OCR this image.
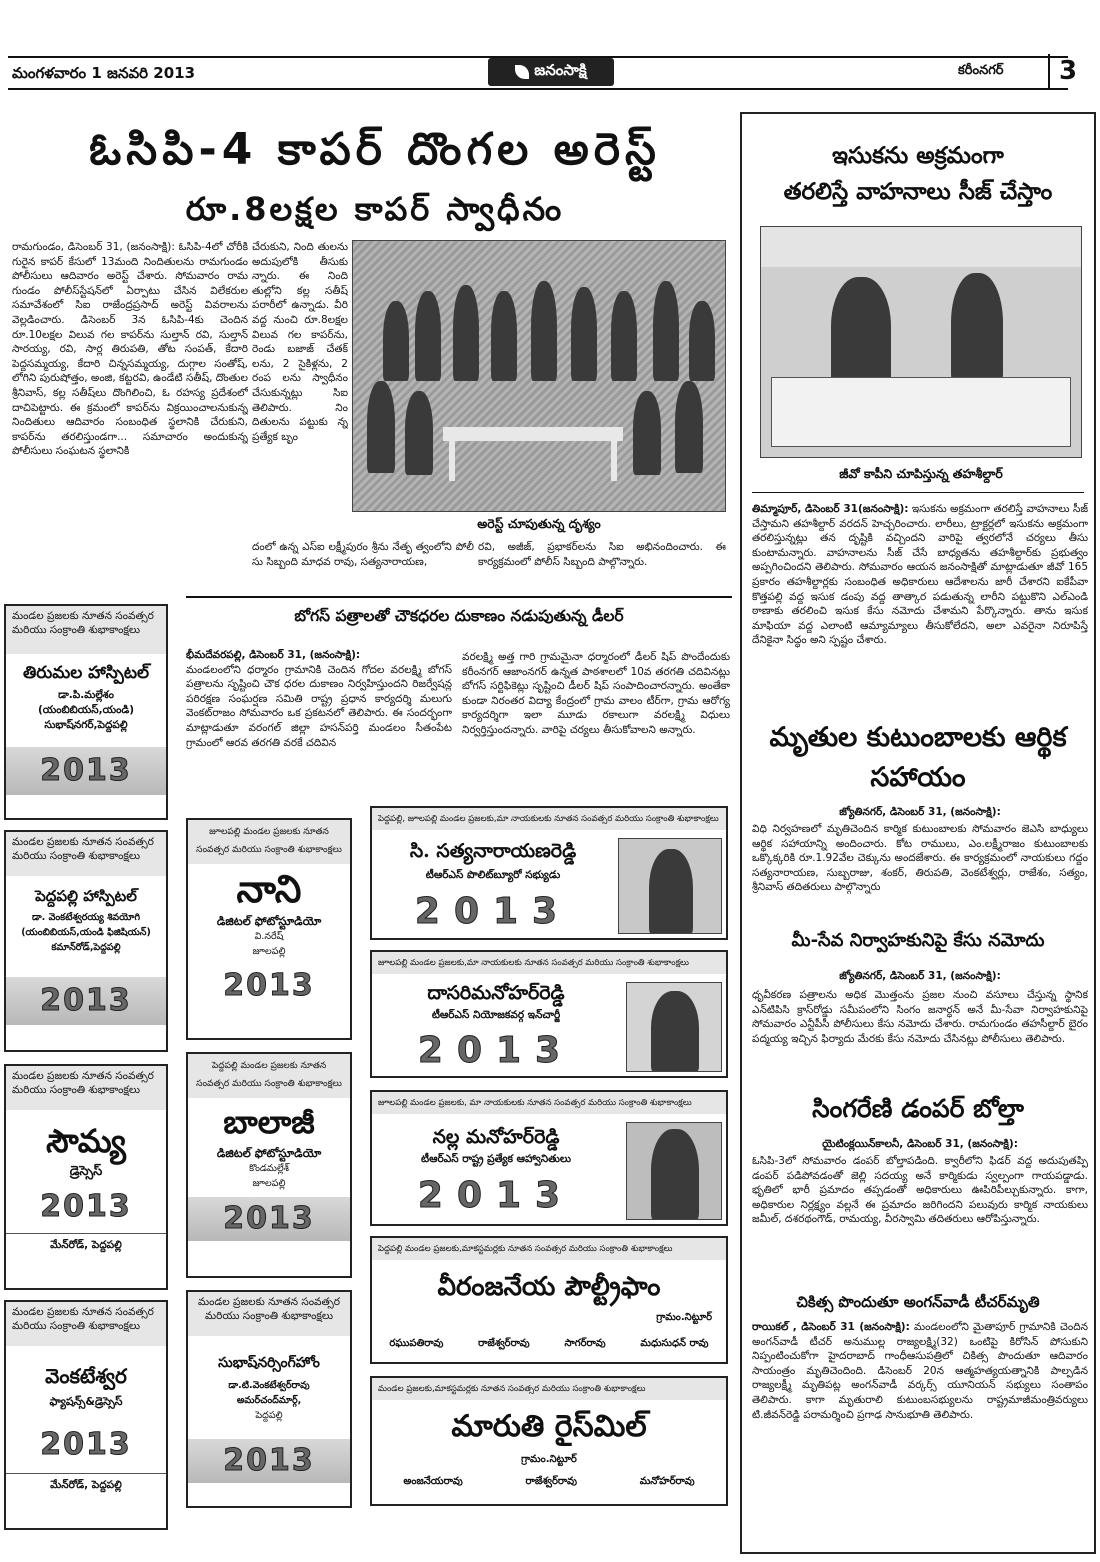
మంగళవారం 1 జనవరి 2013	జనంసాక్షి	కరీంనగర్	3
ఓసిపి-4 కాపర్‌ దొంగల అరెస్ట్‌
రూ.8లక్షల కాపర్‌ స్వాధీనం
రామగుండం, డిసెంబర్‌ 31, (జనంసాక్షి): ఓసిపి-4లో చోరీకి గురైన కాపర్‌ కేసులో 13మంది నిందితులను రామగుండం పోలీసులు ఆదివారం అరెస్ట్‌ చేశారు. సోమవారం రామ గుండం పోలీస్‌స్టేషన్‌లో ఏర్పాటు చేసిన విలేకరుల సమావేశంలో సిఐ రాజేంద్రప్రసాద్‌ అరెస్ట్‌ వివరాలను వెల్లడించారు. డిసెంబర్‌ 3న ఓసిపి-4కు చెందిన రూ.10లక్షల విలువ గల కాపర్‌ను సుల్తాన్‌ రవి, సుల్తాన్‌ సారయ్య, రవి, సార్ల తిరుపతి, తోట సంపత్‌, కేదారి పెద్దసమ్మయ్య, కేదారి చిన్నసమ్మయ్య, దుగ్గాల సంతోష్‌, లోగిని పురుషోత్తం, అంజి, కట్టరవి, ఉండేటి సతీష్‌, దొంతుల శ్రీనివాస్‌, కల్ల సతీష్‌లు దొంగిలించి, ఓ రహస్య ప్రదేశంలో దాచిపెట్టారు. ఈ క్రమంలో కాపర్‌ను విక్రయించాలనుకున్న నిందితులు ఆదివారం సంబంధిత స్థలానికి చేరుకుని, కాపర్‌ను తరలిస్తుండగా... సమాచారం అందుకున్న పోలీసులు సంఘటన స్థలానికి
చేరుకుని, నింది తులను అదుపులోకి తీసుకు న్నారు. ఈ నింది తుల్లోని కల్ల సతీష్‌ పరారీలో ఉన్నాడు. వీరి వద్ద నుంచి రూ.8లక్షల విలువ గల కాపర్‌ను, రెండు బజాజ్‌ చేతక్‌ లను, 2 సైకిళ్లను, 2 రంప లను స్వాధీనం చేసుకున్నట్లు సిఐ తెలిపారు. నిం దితులను పట్టుకు న్న ప్రత్యేక బృం
అరెస్ట్‌ చూపుతున్న దృశ్యం
దంలో ఉన్న ఎస్‌ఐ లక్ష్మీపురం శ్రీను నేతృ త్వంలోని పోలీ సు సిబ్బంది మాధవ రావు, సత్యనారాయణ,
రవి, అజీజ్‌, ప్రభాకర్‌లను సిఐ అభినందించారు. ఈ కార్యక్రమంలో పోలీస్‌ సిబ్బంది పాల్గొన్నారు.
ఇసుకను అక్రమంగా
తరలిస్తే వాహనాలు సీజ్‌ చేస్తాం
జీవో కాపీని చూపిస్తున్న తహశీల్దార్‌
తిమ్మాపూర్‌, డిసెంబర్‌ 31(జనంసాక్షి): ఇసుకను అక్రమంగా తరలిస్తే వాహనాలు సీజ్‌ చేస్తామని తహశీల్దార్‌ వరదన్‌ హెచ్చరించారు. లారీలు, ట్రాక్టర్లలో ఇసుకను అక్రమంగా తరలిస్తున్నట్లు తన దృష్టికి వచ్చిందని వారిపై త్వరలోనే చర్యలు తీసు కుంటామన్నారు. వాహనాలను సీజ్‌ చేసే బాధ్యతను తహశీల్దార్‌కు ప్రభుత్వం అప్పగించిందని తెలిపారు. సోమవారం ఆయన జనంసాక్షితో మాట్లాడుతూ జీవో 165 ప్రకారం తహశీల్దార్లకు సంబంధిత అధికారులు ఆదేశాలను జారీ చేశారని ఐకేపీవా కొత్తపల్లి వద్ద ఇసుక డంపు వద్ద తాత్కార పడుతున్న లారీని పట్టుకొని ఎల్‌ఎండి ఠాణాకు తరలించి ఇసుక కేసు నమోదు చేశామని పేర్కొన్నారు. తాను ఇసుక మాఫియా వద్ద ఎలాంటి ఆమ్యామ్యాలు తీసుకోలేదని, అలా ఎవరైనా నిరూపిస్తే దేనికైనా సిద్ధం అని స్పష్టం చేశారు.
మృతుల కుటుంబాలకు ఆర్థిక
సహాయం
జ్యోతినగర్‌, డిసెంబర్‌ 31, (జనంసాక్షి):
విధి నిర్వహణలో మృతిచెందిన కార్మిక కుటుంబాలకు సోమవారం జెఎసి బాధ్యులు ఆర్థిక సహాయాన్ని అందించారు. కోట రాములు, ఎం.లక్ష్మీరాజం కుటుంబాలకు ఒక్కొక్కరికి రూ.1.92వేల చెక్కును అందజేశారు. ఈ కార్యక్రమంలో నాయకులు గద్దం సత్యనారాయణ, సుబ్బరాజు, శంకర్‌, తిరుపతి, వెంకటేశ్వర్లు, రాజేశం, సత్యం, శ్రీనివాస్‌ తదితరులు పాల్గొన్నారు
మీ-సేవ నిర్వాహకునిపై కేసు నమోదు
జ్యోతినగర్‌, డిసెంబర్‌ 31, (జనంసాక్షి):
ధృవీకరణ పత్రాలను అధిక మొత్తంను ప్రజల నుంచి వసూలు చేస్తున్న స్థానిక ఎన్‌టిపిసి క్రాస్‌రోడ్డు సమీపంలోని సింగం జనార్ధన్‌ అనే మీ-సేవా నిర్వాహకునిపై సోమవారం ఎన్టీపీసీ పోలీసులు కేసు నమోదు చేశారు. రామగుండం తహసీల్దార్‌ బైరం పద్మయ్య ఇచ్చిన ఫిర్యాదు మేరకు కేసు నమోదు చేసినట్లు పోలీసులు తెలిపారు.
సింగరేణి డంపర్‌ బోల్తా
యైటింక్లయిన్‌కాలనీ, డిసెంబర్‌ 31, (జనంసాక్షి):
ఓసిపి-3లో సోమవారం డంపర్‌ బోల్తాపడింది. క్వారీలోని ఫిడర్‌ వద్ద అదుపుతప్పి డంపర్‌ పడిపోవడంతో జెల్లి సదయ్య అనే కార్మికుడు స్వల్పంగా గాయపడ్డాడు. భృతిలో భారీ ప్రమాదం తప్పడంతో అధికారులు ఊపిరిపీల్చుకున్నారు. కాగా, అధికారుల నిర్లక్ష్యం వల్లనే ఈ ప్రమాదం జరిగిందని పలువురు కార్మిక నాయకులు జమీల్‌, దశరథంగౌడ్‌, రామయ్య, వీరస్వామి తదితరులు ఆరోపిస్తున్నారు.
చికిత్స పొందుతూ అంగన్‌వాడీ టీచర్‌మృతి
రాయికల్‌ , డిసెంబర్‌ 31 (జనంసాక్షి): మండలంలోని మైతాపూర్‌ గ్రామానికి చెందిన అంగన్‌వాడీ టీచర్‌ అనుముల్ల రాజ్యలక్ష్మి(32) ఒంటిపై కిరోసిన్‌ పోసుకుని నిప్పంటించుకోగా హైదరాబాద్‌ గాంధీఆసుపత్రిలో చికిత్స పొందుతూ ఆదివారం సాయంత్రం మృతిచెందింది. డిసెంబర్‌ 20న ఆత్మహత్యయత్నానికి పాల్పడిన రాజ్యలక్ష్మీ మృతిపట్ల అంగన్‌వాడీ వర్కర్స్‌ యూనియన్‌ సభ్యులు సంతాపం తెలిపారు. కాగా మృతురాలి కుటుంబసభ్యులను రాష్ట్రమాజీమంత్రివర్యులు టి.జీవన్‌రెడ్డి పరామర్శించి ప్రగాఢ సానుభూతి తెలిపారు.
బోగస్‌ పత్రాలతో చౌకధరల దుకాణం నడుపుతున్న డీలర్‌
భీమదేవరపల్లి, డిసెంబర్‌ 31, (జనంసాక్షి):
మండలంలోని ధర్మారం గ్రామానికి చెందిన గోదల వరలక్ష్మి బోగస్‌ పత్రాలను సృష్టించి చౌక ధరల దుకాణం నిర్వహిస్తుందని రిజర్వేషన్ల పరిరక్షణ సంఘర్షణ సమితి రాష్ట్ర ప్రధాన కార్యదర్శి మలుగు వెంకట్‌రాజం సోమవారం ఒక ప్రకటనలో తెలిపారు. ఈ సందర్భంగా మాట్లాడుతూ వరంగల్‌ జిల్లా హసన్‌పర్తి మండలం సీతంపేట గ్రామంలో ఆరవ తరగతి వరకే చదివిన
వరలక్ష్మి అత్త గారి గ్రామమైనా ధర్మారంలో డీలర్‌ షిప్‌ పొందేందుకు కరీంనగర్‌ ఆజాంనగర్‌ ఉన్నత పాఠశాలలో 10వ తరగతి చదివినట్లు బోగస్‌ సర్టిఫికెట్లు సృష్టించి డీలర్‌ షిప్‌ సంపాదించారన్నారు. అంతేకా కుండా నిరంతర విద్యా కేంద్రంలో గ్రామ వాలం టీర్‌గా, గ్రామ ఆరోగ్య కార్యదర్శిగా ఇలా మూడు రకాలుగా వరలక్ష్మి విధులు నిర్వర్తిస్తుందన్నారు. వారిపై చర్యలు తీసుకోవాలని అన్నారు.
మండల ప్రజలకు నూతన సంవత్సర మరియు సంక్రాంతి శుభాకాంక్షలు
తిరుమల హాస్పిటల్‌
డా.పి.మల్లేశం
(యంబిబియస్‌,యండి)
సుభాష్‌నగర్‌,పెద్దపల్లి
2013
మండల ప్రజలకు నూతన సంవత్సర మరియు సంక్రాంతి శుభాకాంక్షలు
పెద్దపల్లి హాస్పిటల్‌
డా. వెంకటేశ్వరయ్య శివయోగి
(యంబిబియస్‌,యండి ఫిజిషియన్‌)
కమాన్‌రోడ్‌,పెద్దపల్లి
2013
మండల ప్రజలకు నూతన సంవత్సర మరియు సంక్రాంతి శుభాకాంక్షలు
సౌమ్య
డ్రెస్సెస్‌
2013
మేన్‌రోడ్‌, పెద్దపల్లి
మండల ప్రజలకు నూతన సంవత్సర మరియు సంక్రాంతి శుభాకాంక్షలు
వెంకటేశ్వర
ఫ్యాషన్స్‌&డ్రెస్సెస్‌
2013
మేన్‌రోడ్‌, పెద్దపల్లి
జూలపల్లి మండల ప్రజలకు నూతన సంవత్సర మరియు సంక్రాంతి శుభాకాంక్షలు
నాని
డిజిటల్‌ ఫోటోస్టూడియో
వి.నరేష్‌
జూలపల్లి
2013
పెద్దపల్లి మండల ప్రజలకు నూతన సంవత్సర మరియు సంక్రాంతి శుభాకాంక్షలు
బాలాజీ
డిజిటల్‌ ఫోటోస్టూడియో
కొండమల్లేశ్‌
జూలపల్లి
2013
మండల ప్రజలకు నూతన సంవత్సర మరియు సంక్రాంతి శుభాకాంక్షలు
సుభాష్‌నర్సింగ్‌హోం
డా.టి.వెంకటేశ్వర్‌రావు
అమర్‌చంద్‌మార్గ్‌,
పెద్దపల్లి
2013
పెద్దపల్లి, జూలపల్లి మండల ప్రజలకు,మా నాయకులకు నూతన సంవత్సర మరియు సంక్రాంతి శుభాకాంక్షలు
సి. సత్యనారాయణరెడ్డి
టీఆర్‌ఎస్‌ పొలిట్‌బ్యూరో సభ్యుడు
2013
జూలపల్లి మండల ప్రజలకు,మా నాయకులకు నూతన సంవత్సర మరియు సంక్రాంతి శుభాకాంక్షలు
దాసరిమనోహర్‌రెడ్డి
టీఆర్‌ఎస్‌ నియోజకవర్గ ఇన్‌చార్జీ
2013
జూలపల్లి మండల ప్రజలకు, మా నాయకులకు నూతన సంవత్సర మరియు సంక్రాంతి శుభాకాంక్షలు
నల్ల మనోహర్‌రెడ్డి
టీఆర్‌ఎస్‌ రాష్ట్ర ప్రత్యేక ఆహ్వానితులు
2013
పెద్దపల్లి మండల ప్రజలకు,మాకస్టమర్లకు నూతన సంవత్సర మరియు సంక్రాంతి శుభాకాంక్షలు
వీరంజనేయ పౌల్ట్రీఫాం
గ్రామం.నిట్టూర్‌
రఘుపతిరావు	రాజేశ్వర్‌రావు	సాగర్‌రావు	మధుసుధన్‌ రావు
మండల ప్రజలకు,మాకస్టమర్లకు నూతన సంవత్సర మరియు సంక్రాంతి శుభాకాంక్షలు
మారుతి రైస్‌మిల్‌
గ్రామం.నిట్టూర్‌
అంజనేయరావు	రాజేశ్వర్‌రావు	మనోహర్‌రావు
